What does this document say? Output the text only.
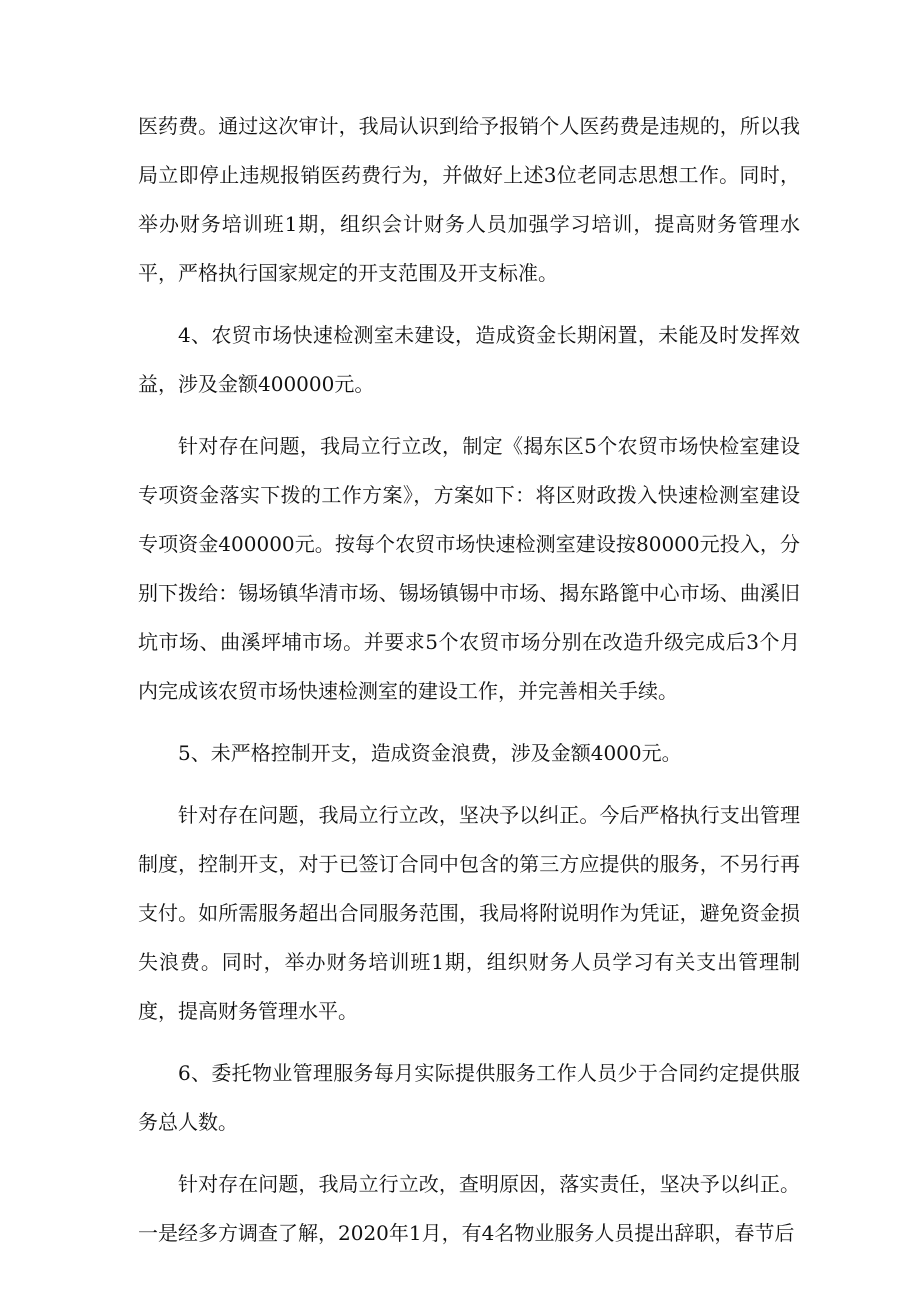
医药费。通过这次审计，我局认识到给予报销个人医药费是违规的，所以我局立即停止违规报销医药费行为，并做好上述3位老同志思想工作。同时，举办财务培训班1期，组织会计财务人员加强学习培训，提高财务管理水平，严格执行国家规定的开支范围及开支标准。

4、农贸市场快速检测室未建设，造成资金长期闲置，未能及时发挥效益，涉及金额400000元。

针对存在问题，我局立行立改，制定《揭东区5个农贸市场快检室建设专项资金落实下拨的工作方案》，方案如下：将区财政拨入快速检测室建设专项资金400000元。按每个农贸市场快速检测室建设按80000元投入，分别下拨给：锡场镇华清市场、锡场镇锡中市场、揭东路篦中心市场、曲溪旧坑市场、曲溪坪埔市场。并要求5个农贸市场分别在改造升级完成后3个月内完成该农贸市场快速检测室的建设工作，并完善相关手续。

5、未严格控制开支，造成资金浪费，涉及金额4000元。

针对存在问题，我局立行立改，坚决予以纠正。今后严格执行支出管理制度，控制开支，对于已签订合同中包含的第三方应提供的服务，不另行再支付。如所需服务超出合同服务范围，我局将附说明作为凭证，避免资金损失浪费。同时，举办财务培训班1期，组织财务人员学习有关支出管理制度，提高财务管理水平。

6、委托物业管理服务每月实际提供服务工作人员少于合同约定提供服务总人数。

针对存在问题，我局立行立改，查明原因，落实责任，坚决予以纠正。一是经多方调查了解，2020年1月，有4名物业服务人员提出辞职，春节后
